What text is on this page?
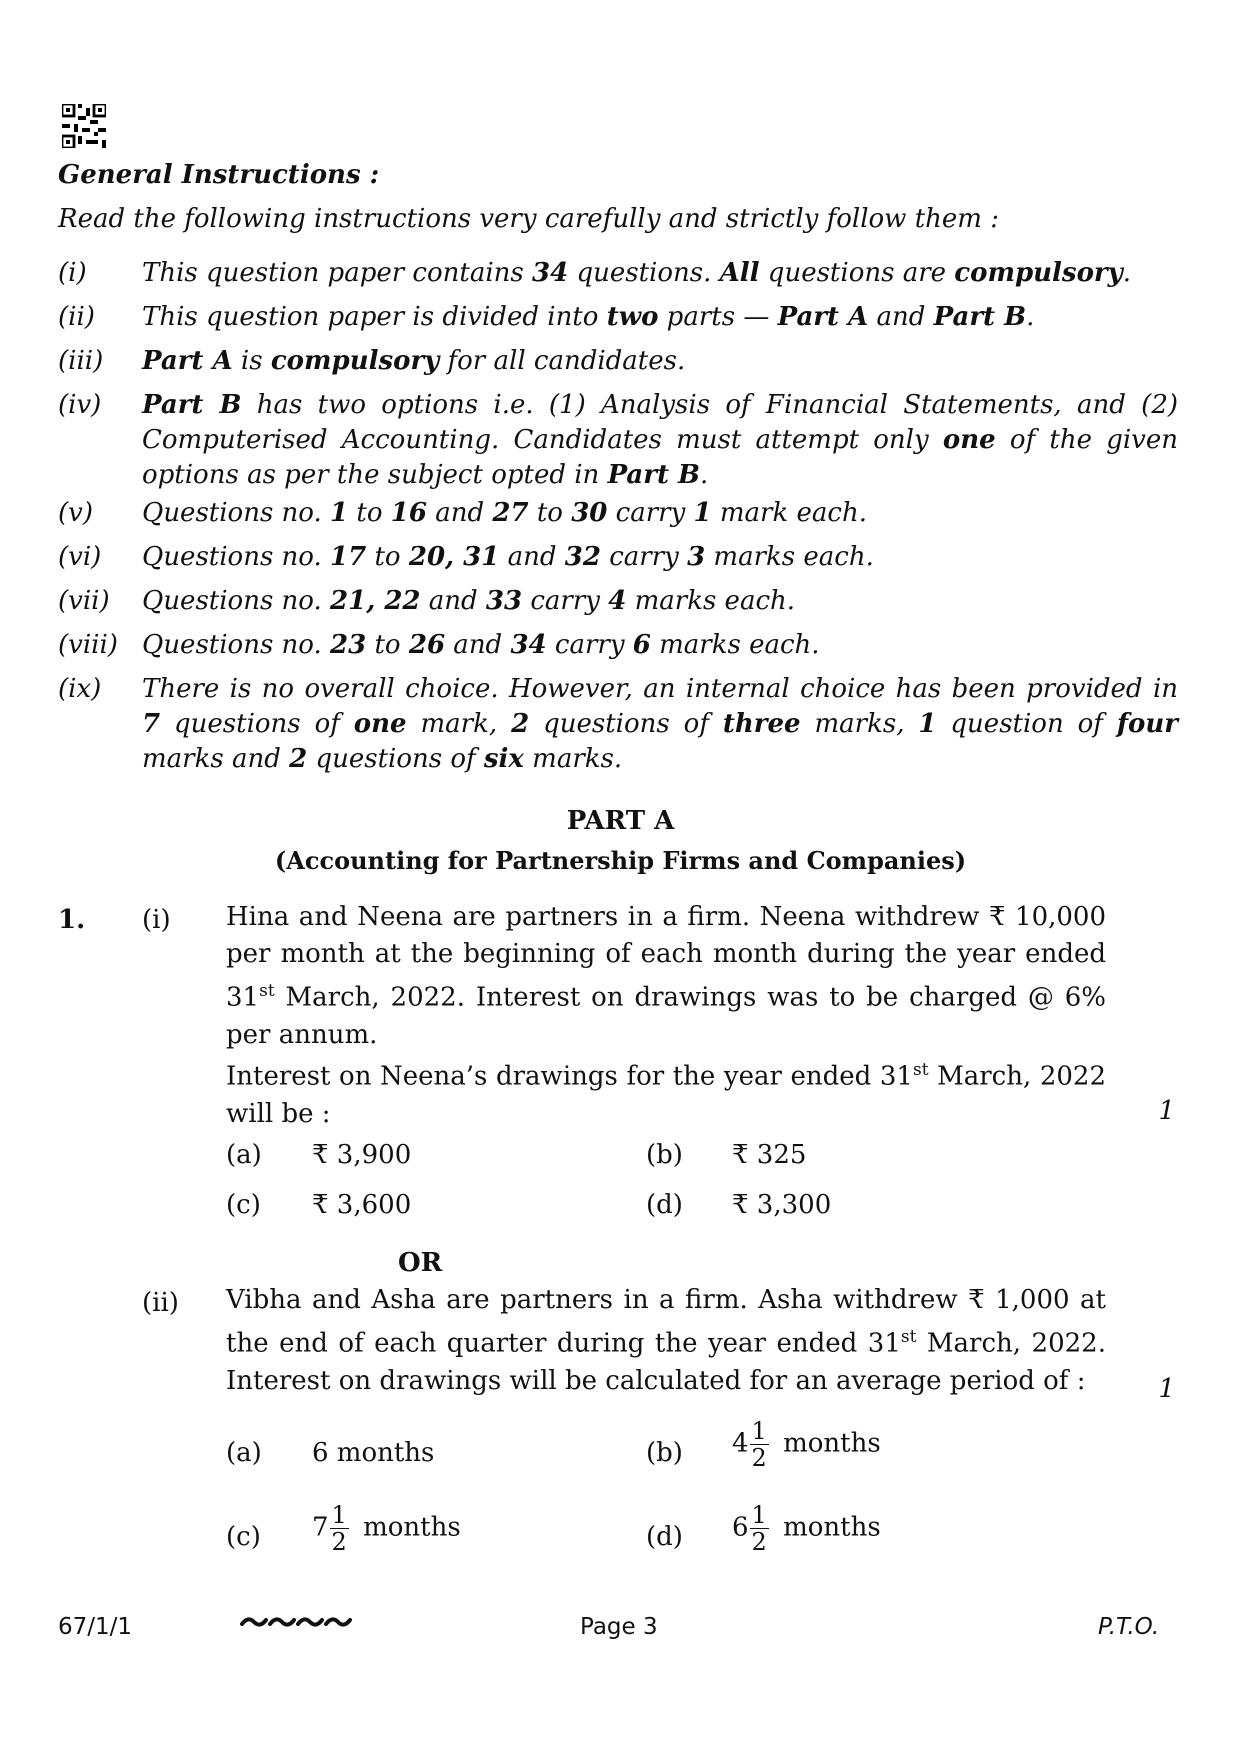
General Instructions :
Read the following instructions very carefully and strictly follow them :
(i) This question paper contains 34 questions. All questions are compulsory.
(ii) This question paper is divided into two parts — Part A and Part B.
(iii) Part A is compulsory for all candidates.
(iv) Part B has two options i.e. (1) Analysis of Financial Statements, and (2) Computerised Accounting. Candidates must attempt only one of the given options as per the subject opted in Part B.
(v) Questions no. 1 to 16 and 27 to 30 carry 1 mark each.
(vi) Questions no. 17 to 20, 31 and 32 carry 3 marks each.
(vii) Questions no. 21, 22 and 33 carry 4 marks each.
(viii) Questions no. 23 to 26 and 34 carry 6 marks each.
(ix) There is no overall choice. However, an internal choice has been provided in 7 questions of one mark, 2 questions of three marks, 1 question of four marks and 2 questions of six marks.
PART A
(Accounting for Partnership Firms and Companies)
1. (i) Hina and Neena are partners in a firm. Neena withdrew ₹ 10,000 per month at the beginning of each month during the year ended 31st March, 2022. Interest on drawings was to be charged @ 6% per annum.
Interest on Neena’s drawings for the year ended 31st March, 2022 will be :	1
(a) ₹ 3,900	(b) ₹ 325
(c) ₹ 3,600	(d) ₹ 3,300
OR
(ii) Vibha and Asha are partners in a firm. Asha withdrew ₹ 1,000 at the end of each quarter during the year ended 31st March, 2022. Interest on drawings will be calculated for an average period of :	1
(a) 6 months	(b) $4 \frac{1}{2}$ months
(c) $7 \frac{1}{2}$ months	(d) $6 \frac{1}{2}$ months
67/1/1	Page 3	P.T.O.
